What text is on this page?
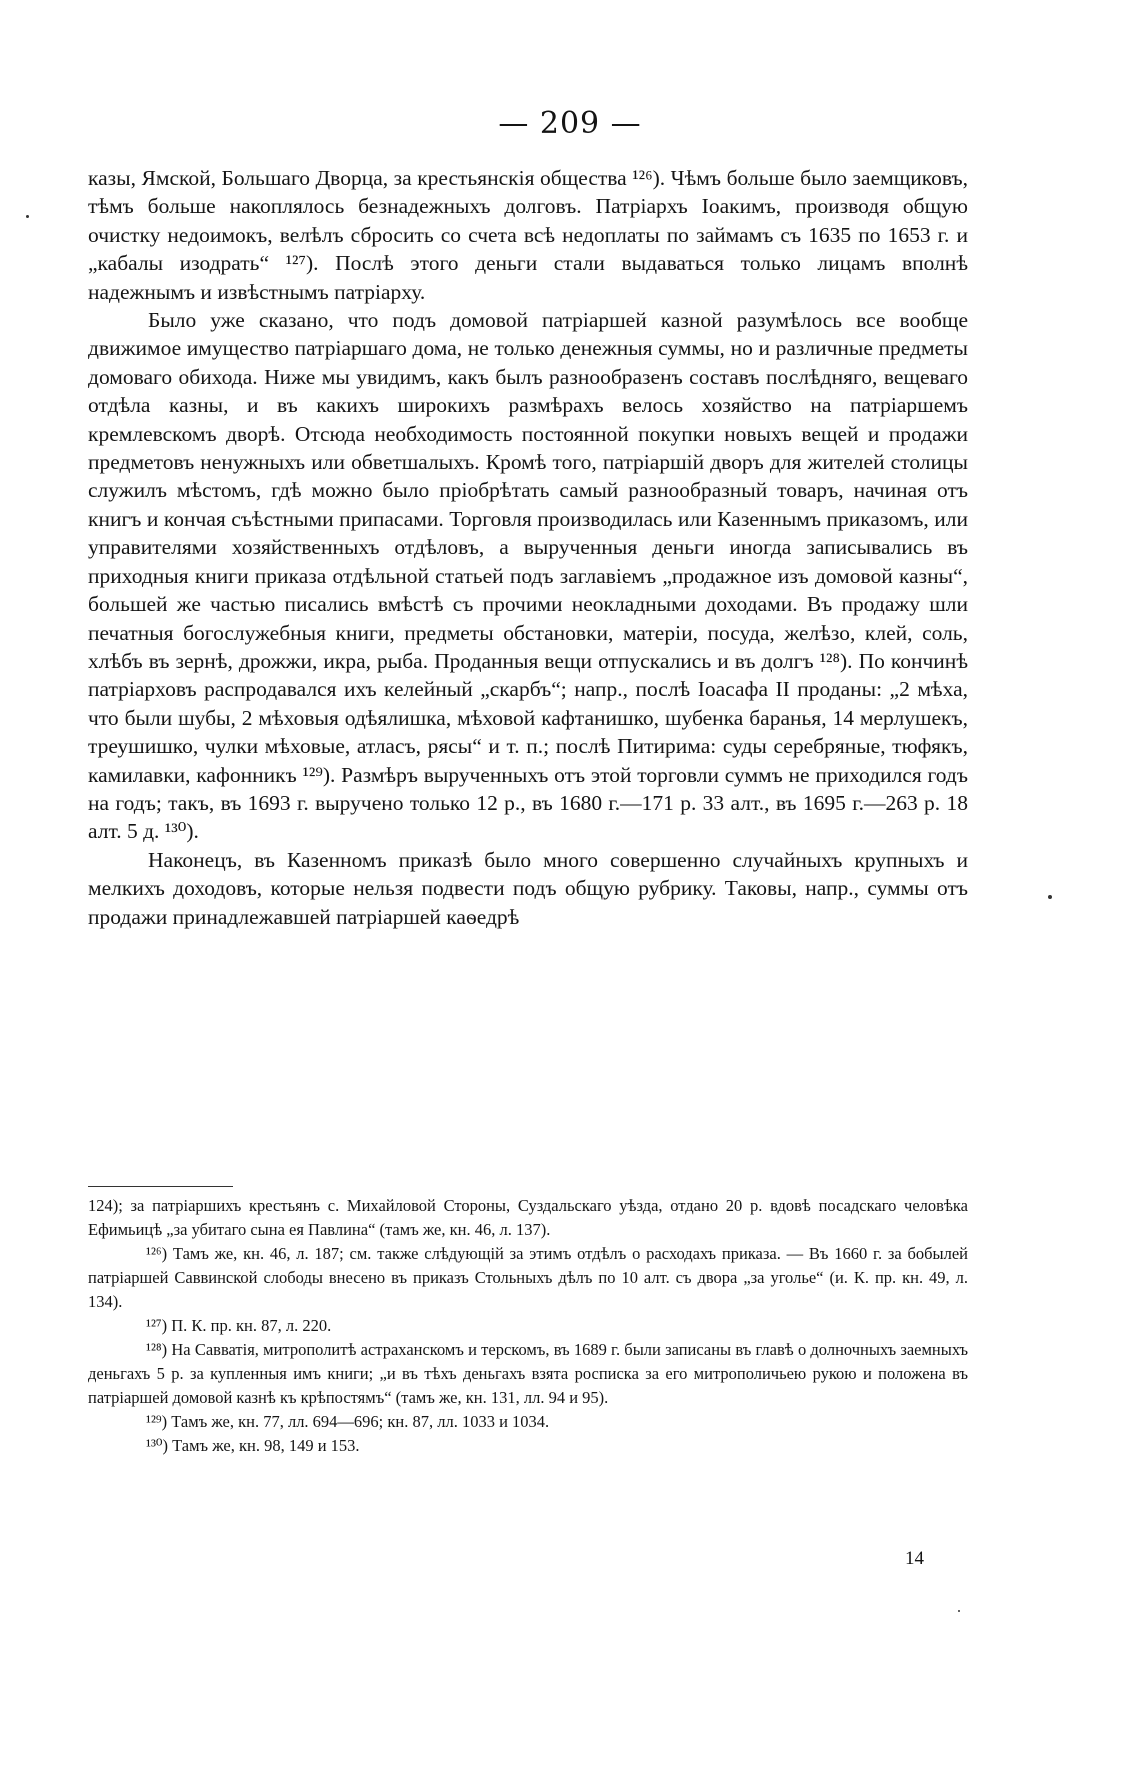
— 209 —

казы, Ямской, Большаго Дворца, за крестьянскія общества ¹²⁶). Чѣмъ больше было заемщиковъ, тѣмъ больше накоплялось безнадежныхъ долговъ. Патріархъ Іоакимъ, производя общую очистку недоимокъ, велѣлъ сбросить со счета всѣ недоплаты по займамъ съ 1635 по 1653 г. и „кабалы изодрать“ ¹²⁷). Послѣ этого деньги стали выдаваться только лицамъ вполнѣ надежнымъ и извѣстнымъ патріарху.

Было уже сказано, что подъ домовой патріаршей казной разумѣлось все вообще движимое имущество патріаршаго дома, не только денежныя суммы, но и различные предметы домоваго обихода. Ниже мы увидимъ, какъ былъ разнообразенъ составъ послѣдняго, вещеваго отдѣла казны, и въ какихъ широкихъ размѣрахъ велось хозяйство на патріаршемъ кремлевскомъ дворѣ. Отсюда необходимость постоянной покупки новыхъ вещей и продажи предметовъ ненужныхъ или обветшалыхъ. Кромѣ того, патріаршій дворъ для жителей столицы служилъ мѣстомъ, гдѣ можно было пріобрѣтать самый разнообразный товаръ, начиная отъ книгъ и кончая съѣстными припасами. Торговля производилась или Казеннымъ приказомъ, или управителями хозяйственныхъ отдѣловъ, а вырученныя деньги иногда записывались въ приходныя книги приказа отдѣльной статьей подъ заглавіемъ „продажное изъ домовой казны“, большей же частью писались вмѣстѣ съ прочими неокладными доходами. Въ продажу шли печатныя богослужебныя книги, предметы обстановки, матеріи, посуда, желѣзо, клей, соль, хлѣбъ въ зернѣ, дрожжи, икра, рыба. Проданныя вещи отпускались и въ долгъ ¹²⁸). По кончинѣ патріарховъ распродавался ихъ келейный „скарбъ“; напр., послѣ Іоасафа II проданы: „2 мѣха, что были шубы, 2 мѣховыя одѣялишка, мѣховой кафтанишко, шубенка баранья, 14 мерлушекъ, треушишко, чулки мѣховые, атласъ, рясы“ и т. п.; послѣ Питирима: суды серебряные, тюфякъ, камилавки, кафонникъ ¹²⁹). Размѣръ вырученныхъ отъ этой торговли суммъ не приходился годъ на годъ; такъ, въ 1693 г. выручено только 12 р., въ 1680 г.—171 р. 33 алт., въ 1695 г.—263 р. 18 алт. 5 д. ¹³⁰).

Наконецъ, въ Казенномъ приказѣ было много совершенно случайныхъ крупныхъ и мелкихъ доходовъ, которые нельзя подвести подъ общую рубрику. Таковы, напр., суммы отъ продажи принадлежавшей патріаршей каѳедрѣ

124); за патріаршихъ крестьянъ с. Михайловой Стороны, Суздальскаго уѣзда, отдано 20 р. вдовѣ посадскаго человѣка Ефимьицѣ „за убитаго сына ея Павлина“ (тамъ же, кн. 46, л. 137).

¹²⁶) Тамъ же, кн. 46, л. 187; см. также слѣдующій за этимъ отдѣлъ о расходахъ приказа. — Въ 1660 г. за бобылей патріаршей Саввинской слободы внесено въ приказъ Стольныхъ дѣлъ по 10 алт. съ двора „за уголье“ (и. К. пр. кн. 49, л. 134).

¹²⁷) П. К. пр. кн. 87, л. 220.

¹²⁸) На Савватія, митрополитѣ астраханскомъ и терскомъ, въ 1689 г. были записаны въ главѣ о долночныхъ заемныхъ деньгахъ 5 р. за купленныя имъ книги; „и въ тѣхъ деньгахъ взята росписка за его митрополичьею рукою и положена въ патріаршей домовой казнѣ къ крѣпостямъ“ (тамъ же, кн. 131, лл. 94 и 95).

¹²⁹) Тамъ же, кн. 77, лл. 694—696; кн. 87, лл. 1033 и 1034.

¹³⁰) Тамъ же, кн. 98, 149 и 153.

14
